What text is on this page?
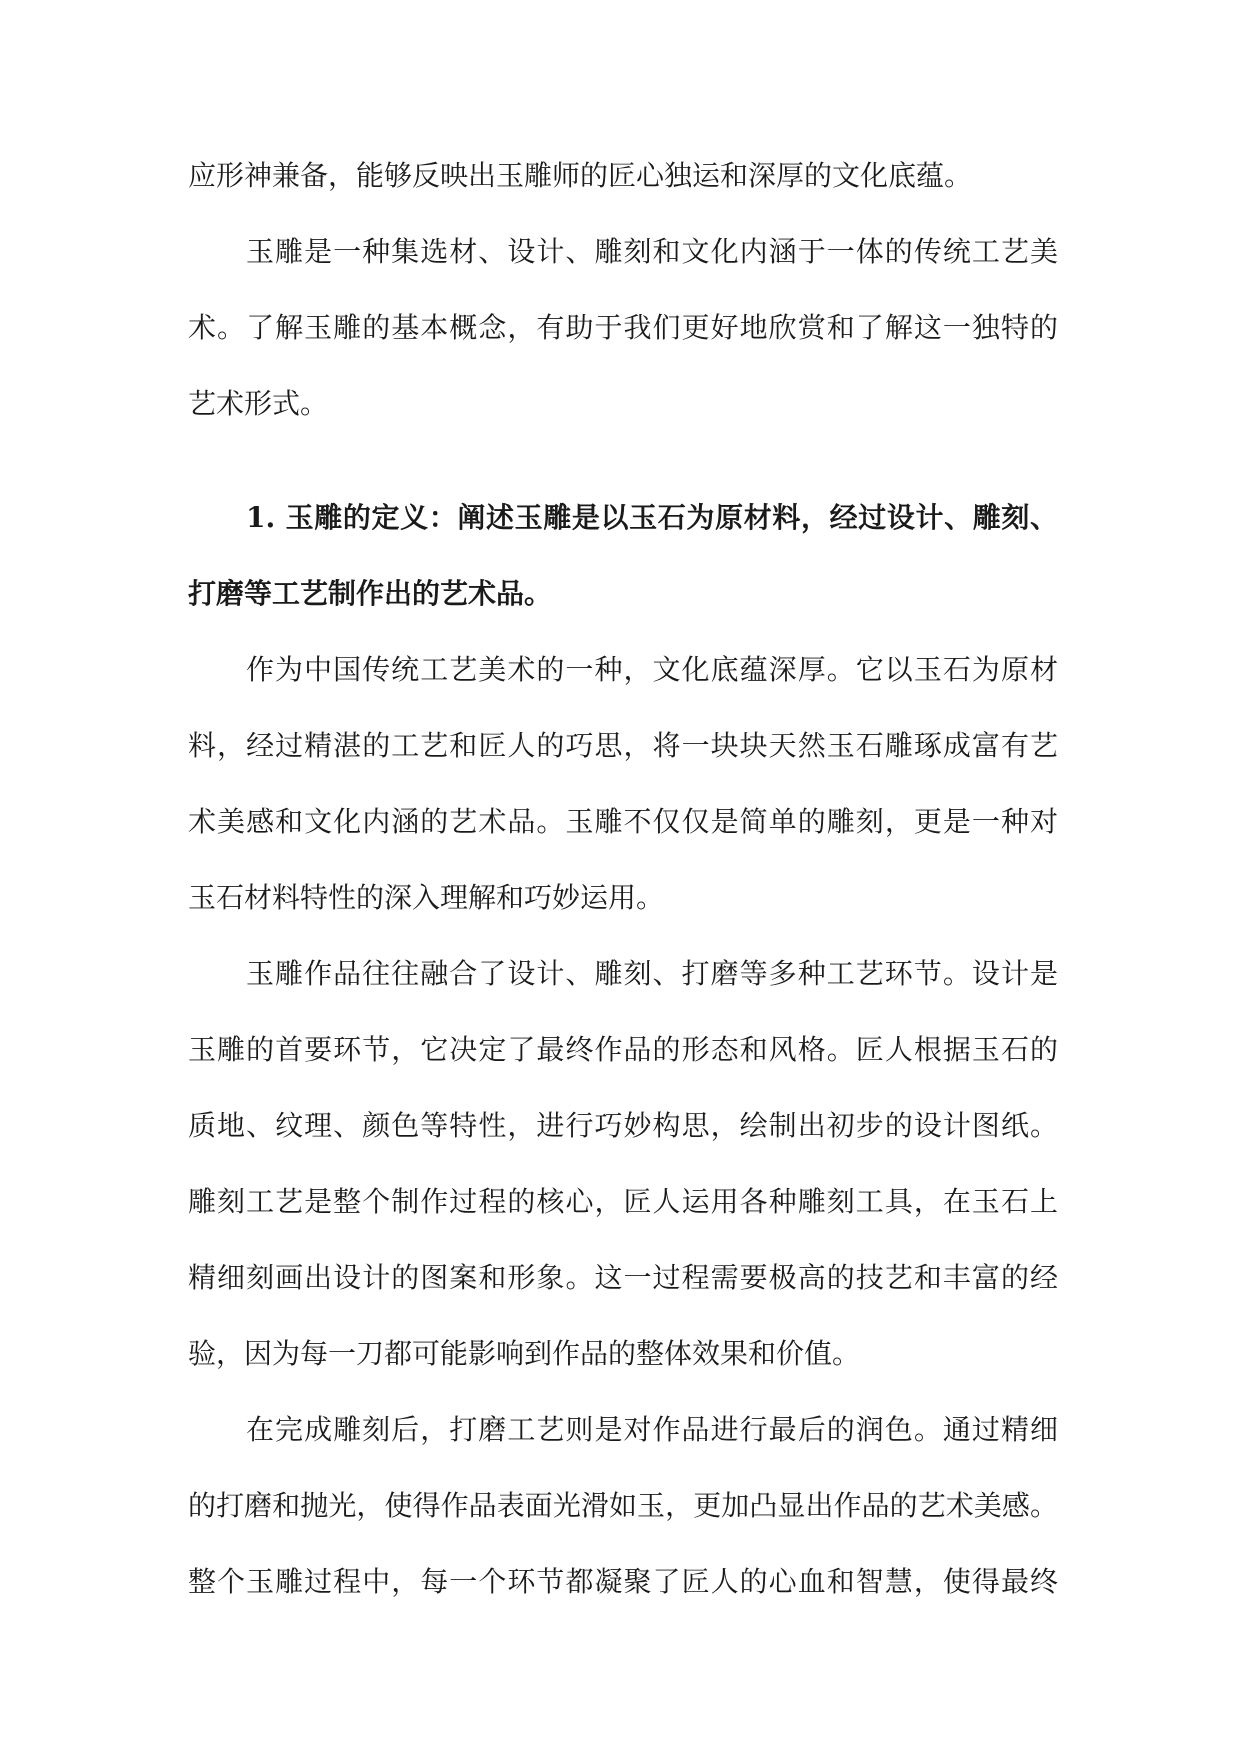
应形神兼备，能够反映出玉雕师的匠心独运和深厚的文化底蕴。
玉雕是一种集选材、设计、雕刻和文化内涵于一体的传统工艺美
术。了解玉雕的基本概念，有助于我们更好地欣赏和了解这一独特的
艺术形式。
1. 玉雕的定义：阐述玉雕是以玉石为原材料，经过设计、雕刻、
打磨等工艺制作出的艺术品。
作为中国传统工艺美术的一种，文化底蕴深厚。它以玉石为原材
料，经过精湛的工艺和匠人的巧思，将一块块天然玉石雕琢成富有艺
术美感和文化内涵的艺术品。玉雕不仅仅是简单的雕刻，更是一种对
玉石材料特性的深入理解和巧妙运用。
玉雕作品往往融合了设计、雕刻、打磨等多种工艺环节。设计是
玉雕的首要环节，它决定了最终作品的形态和风格。匠人根据玉石的
质地、纹理、颜色等特性，进行巧妙构思，绘制出初步的设计图纸。
雕刻工艺是整个制作过程的核心，匠人运用各种雕刻工具，在玉石上
精细刻画出设计的图案和形象。这一过程需要极高的技艺和丰富的经
验，因为每一刀都可能影响到作品的整体效果和价值。
在完成雕刻后，打磨工艺则是对作品进行最后的润色。通过精细
的打磨和抛光，使得作品表面光滑如玉，更加凸显出作品的艺术美感。
整个玉雕过程中，每一个环节都凝聚了匠人的心血和智慧，使得最终
